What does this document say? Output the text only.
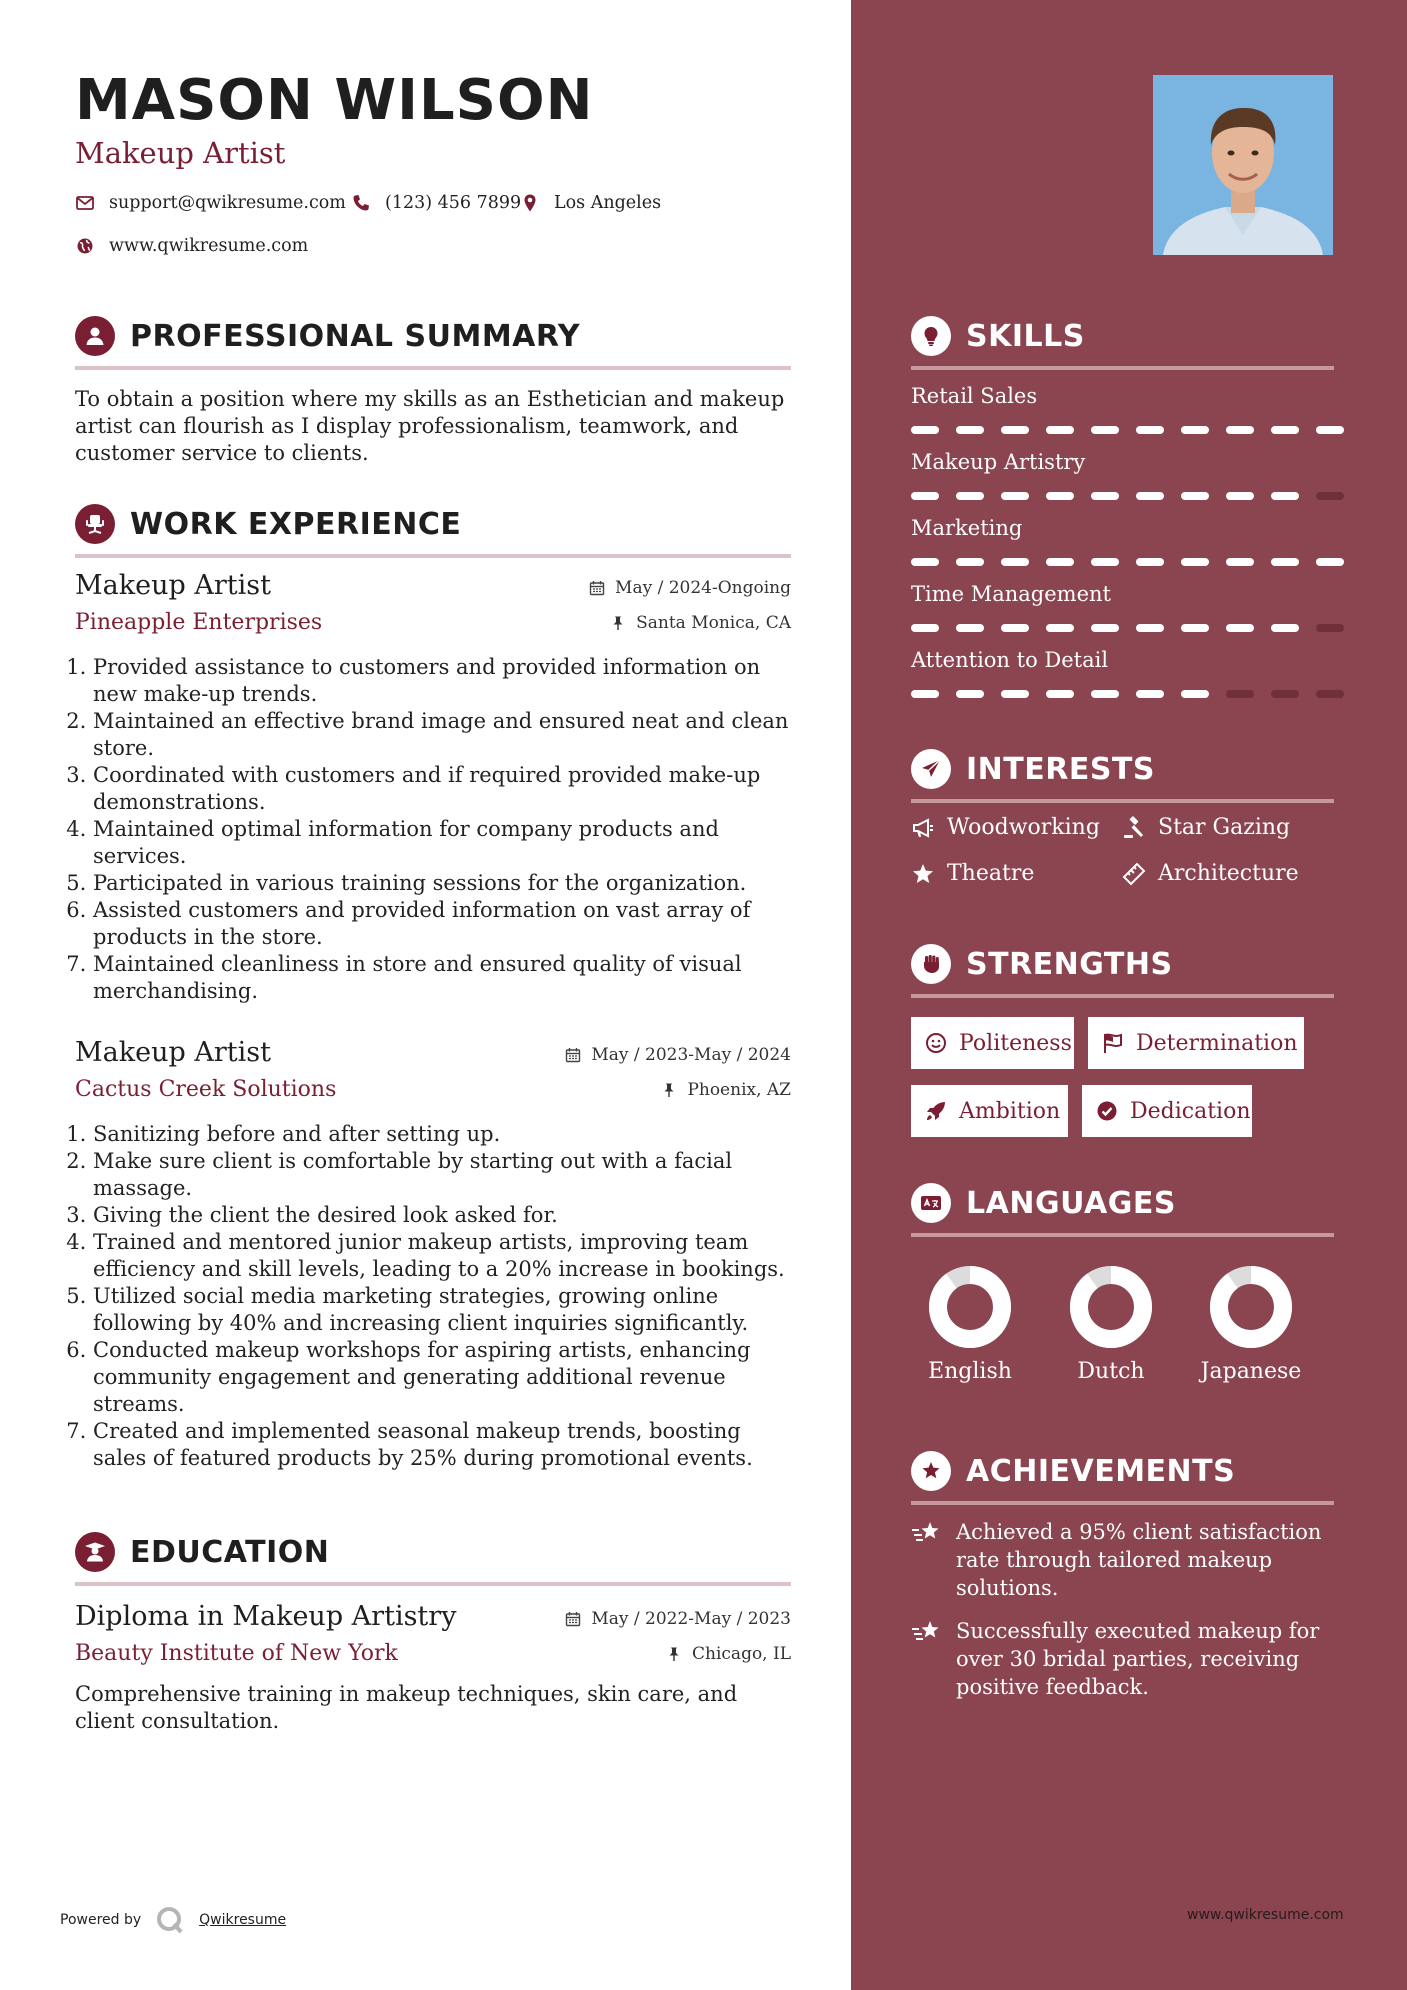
MASON WILSON
Makeup Artist
support@qwikresume.com (123) 456 7899 Los Angeles
www.qwikresume.com
PROFESSIONAL SUMMARY
To obtain a position where my skills as an Esthetician and makeup artist can flourish as I display professionalism, teamwork, and customer service to clients.
WORK EXPERIENCE
Makeup Artist	May / 2024-Ongoing
Pineapple Enterprises	Santa Monica, CA
1. Provided assistance to customers and provided information on new make-up trends.
2. Maintained an effective brand image and ensured neat and clean store.
3. Coordinated with customers and if required provided make-up demonstrations.
4. Maintained optimal information for company products and services.
5. Participated in various training sessions for the organization.
6. Assisted customers and provided information on vast array of products in the store.
7. Maintained cleanliness in store and ensured quality of visual merchandising.
Makeup Artist	May / 2023-May / 2024
Cactus Creek Solutions	Phoenix, AZ
1. Sanitizing before and after setting up.
2. Make sure client is comfortable by starting out with a facial massage.
3. Giving the client the desired look asked for.
4. Trained and mentored junior makeup artists, improving team efficiency and skill levels, leading to a 20% increase in bookings.
5. Utilized social media marketing strategies, growing online following by 40% and increasing client inquiries significantly.
6. Conducted makeup workshops for aspiring artists, enhancing community engagement and generating additional revenue streams.
7. Created and implemented seasonal makeup trends, boosting sales of featured products by 25% during promotional events.
EDUCATION
Diploma in Makeup Artistry	May / 2022-May / 2023
Beauty Institute of New York	Chicago, IL
Comprehensive training in makeup techniques, skin care, and client consultation.
Powered by	Qwikresume
SKILLS
Retail Sales
Makeup Artistry
Marketing
Time Management
Attention to Detail
INTERESTS
Woodworking	Star Gazing
Theatre	Architecture
STRENGTHS
Politeness	Determination
Ambition	Dedication
LANGUAGES
English	Dutch	Japanese
ACHIEVEMENTS
Achieved a 95% client satisfaction rate through tailored makeup solutions.
Successfully executed makeup for over 30 bridal parties, receiving positive feedback.
www.qwikresume.com
